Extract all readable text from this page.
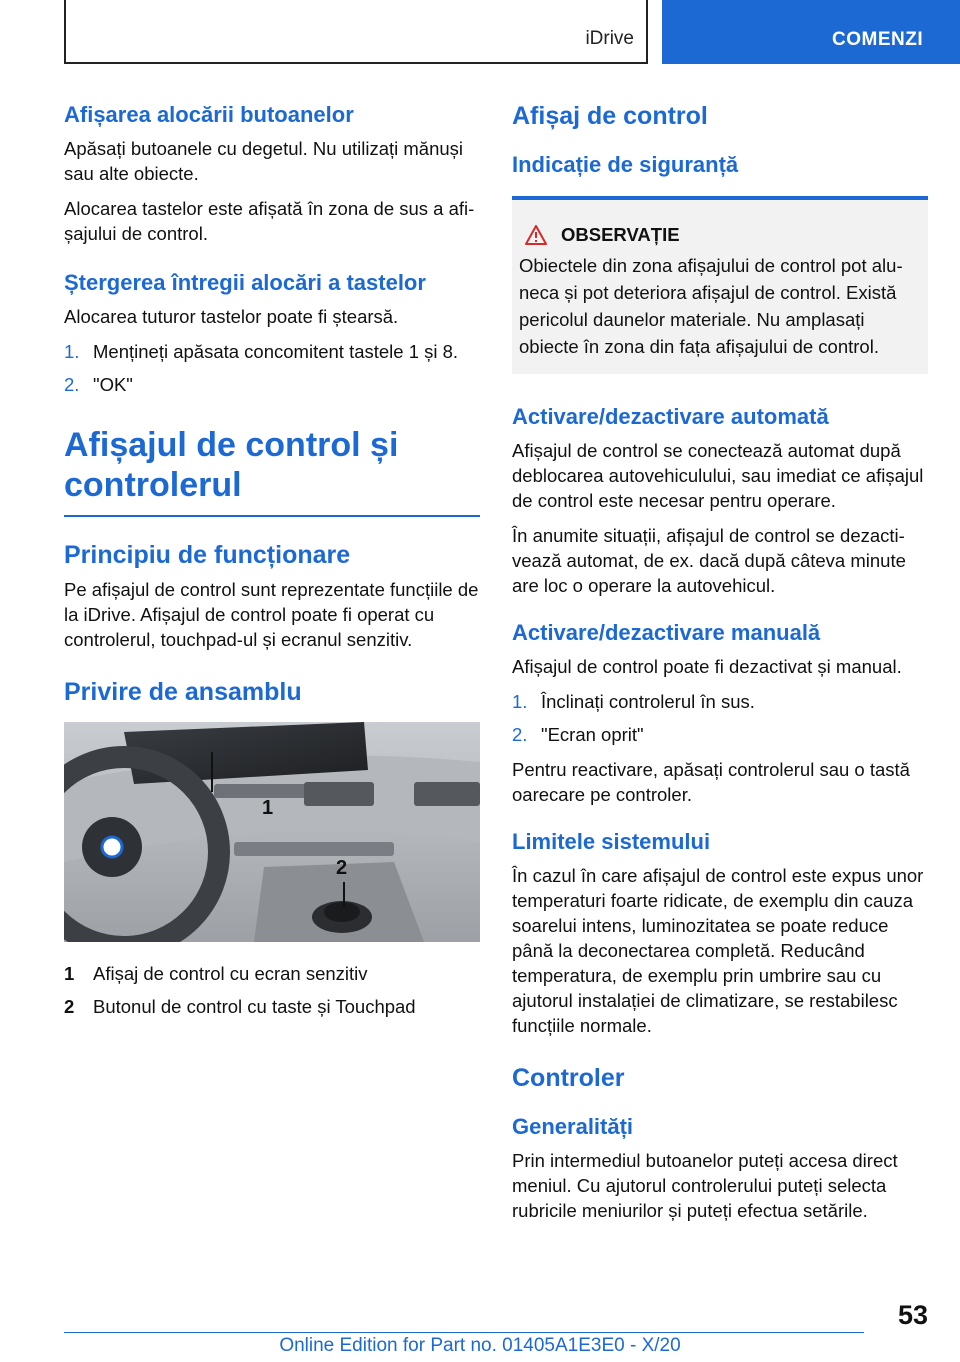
iDrive	COMENZI
Afișarea alocării butoanelor

Apăsați butoanele cu degetul. Nu utilizați mănuși sau alte obiecte.

Alocarea tastelor este afișată în zona de sus a afișajului de control.

Ștergerea întregii alocări a tastelor

Alocarea tuturor tastelor poate fi ștearsă.

1. Mențineți apăsata concomitent tastele 1 și 8.
2. "OK"
Afișajul de control și controlerul
Principiu de funcționare

Pe afișajul de control sunt reprezentate funcțiile de la iDrive. Afișajul de control poate fi operat cu controlerul, touchpad-ul și ecranul senzitiv.

Privire de ansamblu
1
2
1	Afișaj de control cu ecran senzitiv
2	Butonul de control cu taste și Touchpad
Afișaj de control
Indicație de siguranță
OBSERVAȚIE

Obiectele din zona afișajului de control pot aluneca și pot deteriora afișajul de control. Există pericolul daunelor materiale. Nu amplasați obiecte în zona din fața afișajului de control.

Activare/dezactivare automată

Afișajul de control se conectează automat după deblocarea autovehiculului, sau imediat ce afișajul de control este necesar pentru operare.

În anumite situații, afișajul de control se dezactivează automat, de ex. dacă după câteva minute are loc o operare la autovehicul.

Activare/dezactivare manuală

Afișajul de control poate fi dezactivat și manual.

1. Înclinați controlerul în sus.
2. "Ecran oprit"

Pentru reactivare, apăsați controlerul sau o tastă oarecare pe controler.

Limitele sistemului

În cazul în care afișajul de control este expus unor temperaturi foarte ridicate, de exemplu din cauza soarelui intens, luminozitatea se poate reduce până la deconectarea completă. Reducând temperatura, de exemplu prin umbrire sau cu ajutorul instalației de climatizare, se restabilesc funcțiile normale.

Controler
Generalități

Prin intermediul butoanelor puteți accesa direct meniul. Cu ajutorul controlerului puteți selecta rubricile meniurilor și puteți efectua setările.

53
Online Edition for Part no. 01405A1E3E0 - X/20
